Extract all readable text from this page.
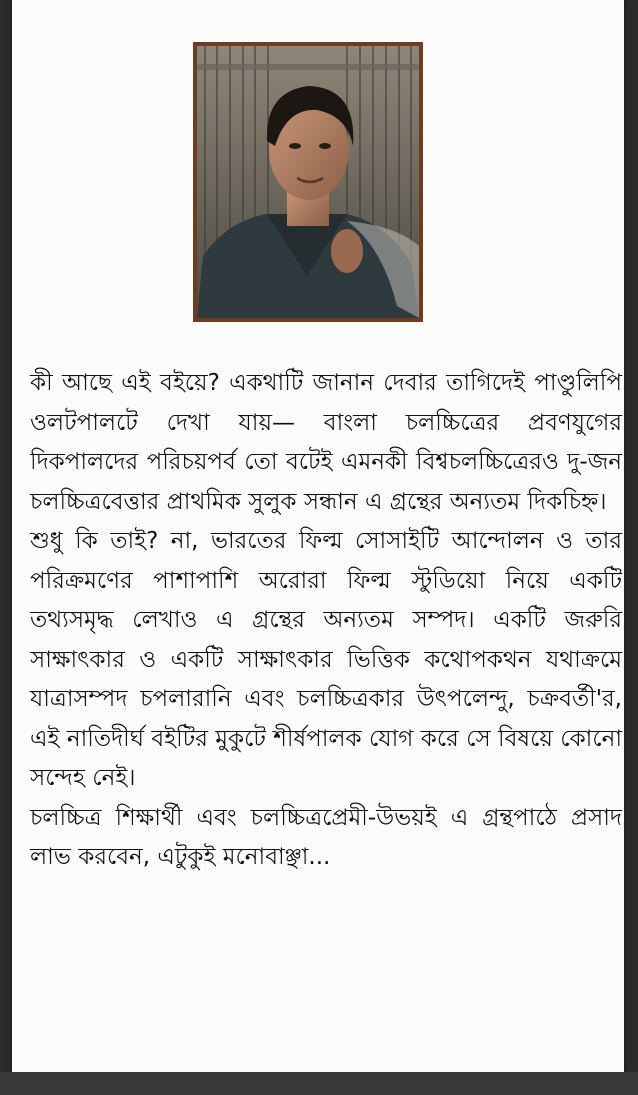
কী আছে এই বইয়ে? একথাটি জানান দেবার তাগিদেই পাণ্ডুলিপি ওলটপালটে দেখা যায়— বাংলা চলচ্চিত্রের প্রবণযুগের দিকপালদের পরিচয়পর্ব তো বটেই এমনকী বিশ্বচলচ্চিত্রেরও দু-জন চলচ্চিত্রবেত্তার প্রাথমিক সুলুক সন্ধান এ গ্রন্থের অন্যতম দিকচিহ্ন।

শুধু কি তাই? না, ভারতের ফিল্ম সোসাইটি আন্দোলন ও তার পরিক্রমণের পাশাপাশি অরোরা ফিল্ম স্টুডিয়ো নিয়ে একটি তথ্যসমৃদ্ধ লেখাও এ গ্রন্থের অন্যতম সম্পদ। একটি জরুরি সাক্ষাৎকার ও একটি সাক্ষাৎকার ভিত্তিক কথোপকথন যথাক্রমে যাত্রাসম্পদ চপলারানি এবং চলচ্চিত্রকার উৎপলেন্দু, চক্রবর্তী'র, এই নাতিদীর্ঘ বইটির মুকুটে শীর্ষপালক যোগ করে সে বিষয়ে কোনো সন্দেহ নেই।

চলচ্চিত্র শিক্ষার্থী এবং চলচ্চিত্রপ্রেমী-উভয়ই এ গ্রন্থপাঠে প্রসাদ লাভ করবেন, এটুকুই মনোবাঞ্ছা...
